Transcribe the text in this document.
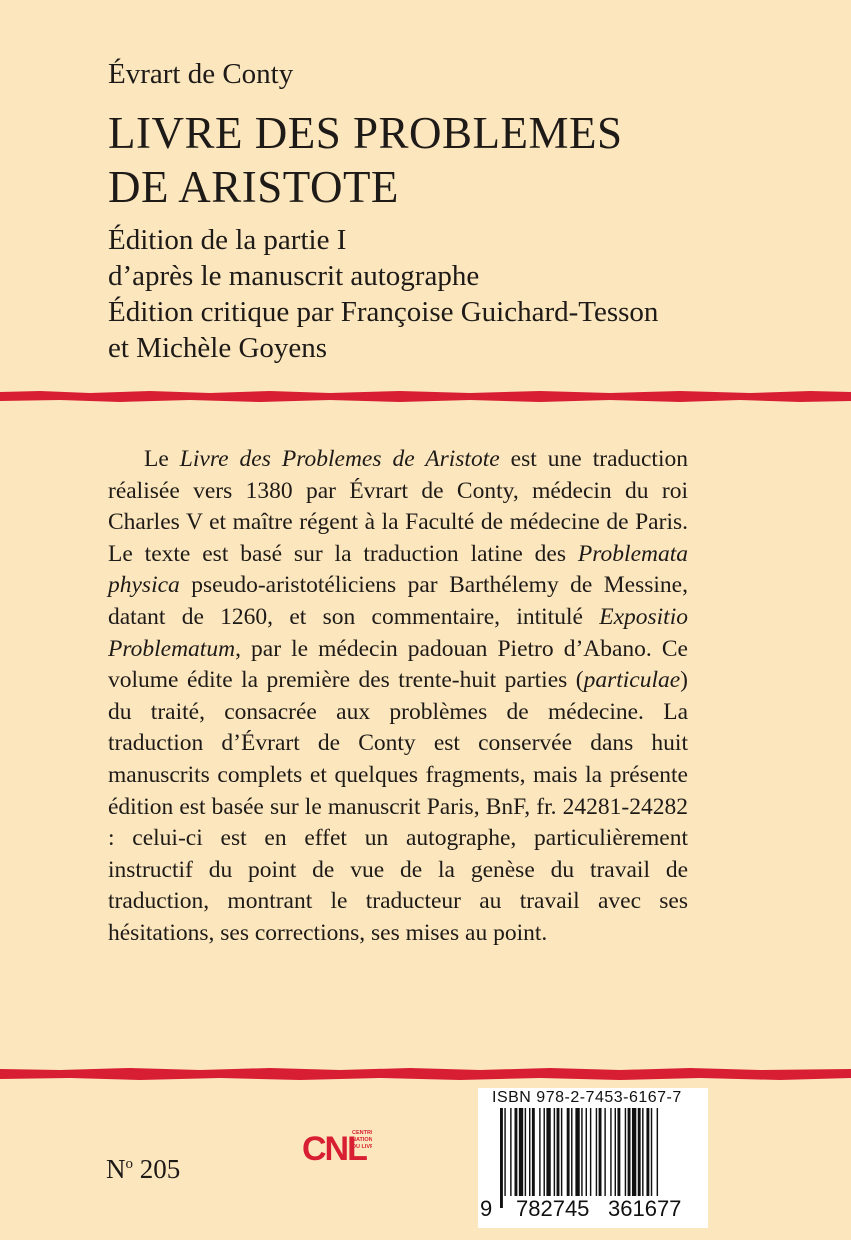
Évrart de Conty
LIVRE DES PROBLEMES
DE ARISTOTE
Édition de la partie I
d’après le manuscrit autographe
Édition critique par Françoise Guichard-Tesson
et Michèle Goyens
Le Livre des Problemes de Aristote est une traduction réalisée vers 1380 par Évrart de Conty, médecin du roi Charles V et maître régent à la Faculté de médecine de Paris. Le texte est basé sur la traduction latine des Problemata physica pseudo-aristotéliciens par Barthélemy de Messine, datant de 1260, et son commentaire, intitulé Expositio Problematum, par le médecin padouan Pietro d’Abano. Ce volume édite la première des trente-huit parties (particulae) du traité, consacrée aux problèmes de médecine. La traduction d’Évrart de Conty est conservée dans huit manuscrits complets et quelques fragments, mais la présente édition est basée sur le manuscrit Paris, BnF, fr. 24281-24282 : celui-ci est en effet un autographe, particulièrement instructif du point de vue de la genèse du travail de traduction, montrant le traducteur au travail avec ses hésitations, ses corrections, ses mises au point.
$N^o$ 205
CNL
CENTR
NATION
DU LIV
ISBN 978-2-7453-6167-7
9 782745 361677
